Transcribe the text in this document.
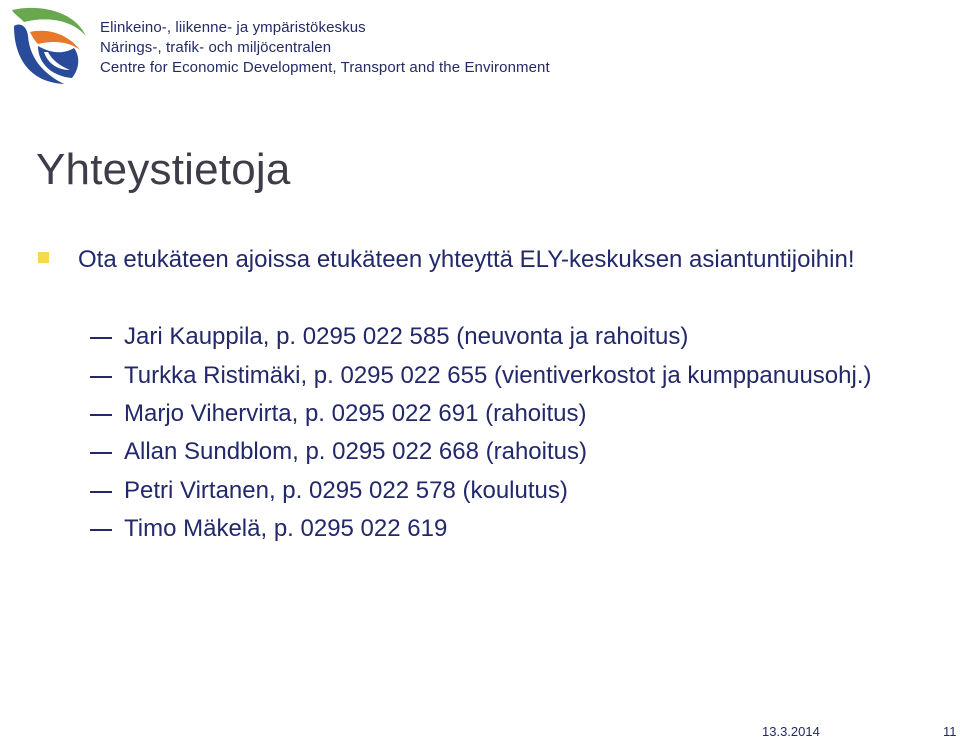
Elinkeino-, liikenne- ja ympäristökeskus
Närings-, trafik- och miljöcentralen
Centre for Economic Development, Transport and the Environment
Yhteystietoja
Ota etukäteen ajoissa etukäteen yhteyttä ELY-keskuksen asiantuntijoihin!
Jari Kauppila, p. 0295 022 585 (neuvonta ja rahoitus)
Turkka Ristimäki, p. 0295 022 655 (vientiverkostot ja kumppanuusohj.)
Marjo Vihervirta, p. 0295 022 691 (rahoitus)
Allan Sundblom, p. 0295 022 668 (rahoitus)
Petri Virtanen, p. 0295 022 578 (koulutus)
Timo Mäkelä, p. 0295 022 619
13.3.2014	11
